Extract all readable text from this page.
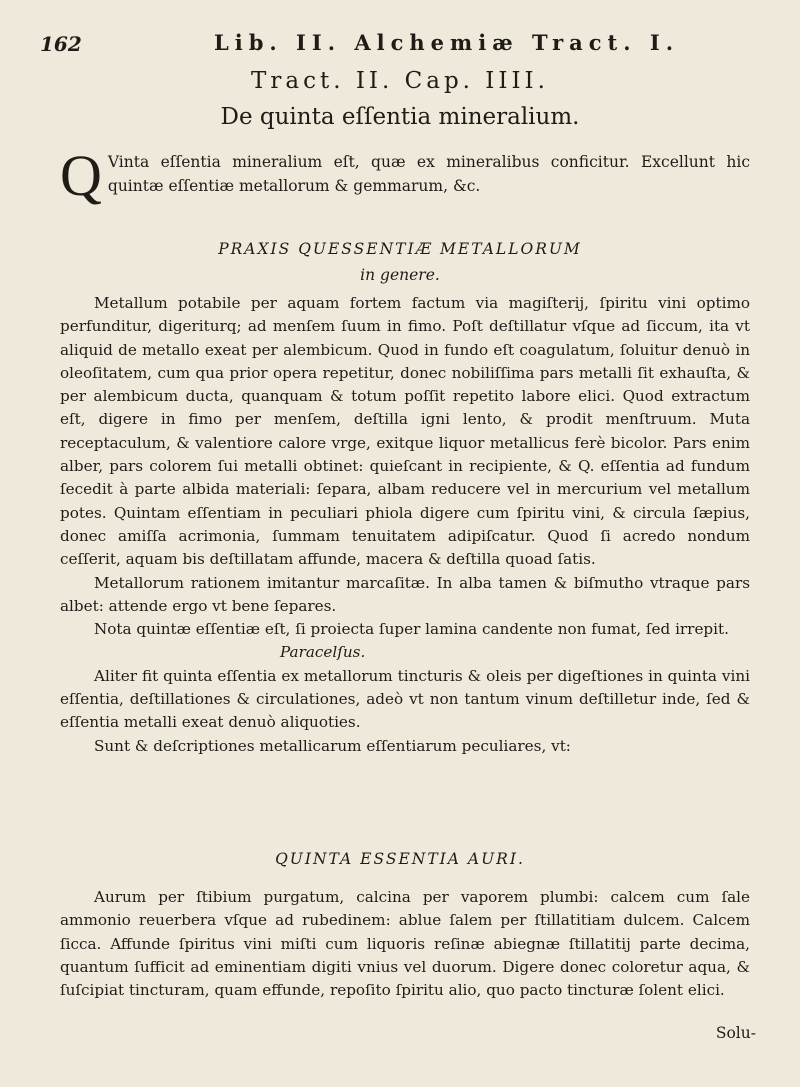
162	Lib. II. Alchemiæ Tract. I.
Tract. II. Cap. IIII.
De quinta eſſentia mineralium.
Q Vinta eſſentia mineralium eſt, quæ ex mineralibus conficitur. Excellunt hic quintæ eſſentiæ metallorum & gemmarum, &c.
PRAXIS QUESSENTIÆ METALLORUM
in genere.

Metallum potabile per aquam fortem factum via magiſterij, ſpiritu vini optimo perfunditur, digeriturq; ad menſem ſuum in fimo. Poſt deſtillatur vſque ad ſiccum, ita vt aliquid de metallo exeat per alembicum. Quod in fundo eſt coagulatum, ſoluitur denuò in oleoſitatem, cum qua prior opera repetitur, donec nobiliſſima pars metalli ſit exhauſta, & per alembicum ducta, quanquam & totum poſſit repetito labore elici. Quod extractum eſt, digere in fimo per menſem, deſtilla igni lento, & prodit menſtruum. Muta receptaculum, & valentiore calore vrge, exitque liquor metallicus ferè bicolor. Pars enim alber, pars colorem ſui metalli obtinet: quieſcant in recipiente, & Q. eſſentia ad fundum ſecedit à parte albida materiali: ſepara, albam reducere vel in mercurium vel metallum potes. Quintam eſſentiam in peculiari phiola digere cum ſpiritu vini, & circula ſæpius, donec amiſſa acrimonia, ſummam tenuitatem adipiſcatur. Quod ſi acredo nondum ceſſerit, aquam bis deſtillatam affunde, macera & deſtilla quoad ſatis.

Metallorum rationem imitantur marcaſitæ. In alba tamen & biſmutho vtraque pars albet: attende ergo vt bene ſepares.

Nota quintæ eſſentiæ eſt, ſi proiecta ſuper lamina candente non fumat, ſed irrepit.

Paracelſus.

Aliter fit quinta eſſentia ex metallorum tincturis & oleis per digeſtiones in quinta vini eſſentia, deſtillationes & circulationes, adeò vt non tantum vinum deſtilletur inde, ſed & eſſentia metalli exeat denuò aliquoties.

Sunt & deſcriptiones metallicarum eſſentiarum peculiares, vt:

QUINTA ESSENTIA AURI.

Aurum per ſtibium purgatum, calcina per vaporem plumbi: calcem cum ſale ammonio reuerbera vſque ad rubedinem: ablue ſalem per ſtillatitiam dulcem. Calcem ſicca. Affunde ſpiritus vini miſti cum liquoris reſinæ abiegnæ ſtillatitij parte decima, quantum ſufficit ad eminentiam digiti vnius vel duorum. Digere donec coloretur aqua, & ſuſcipiat tincturam, quam effunde, repoſito ſpiritu alio, quo pacto tincturæ ſolent elici.

Solu-
